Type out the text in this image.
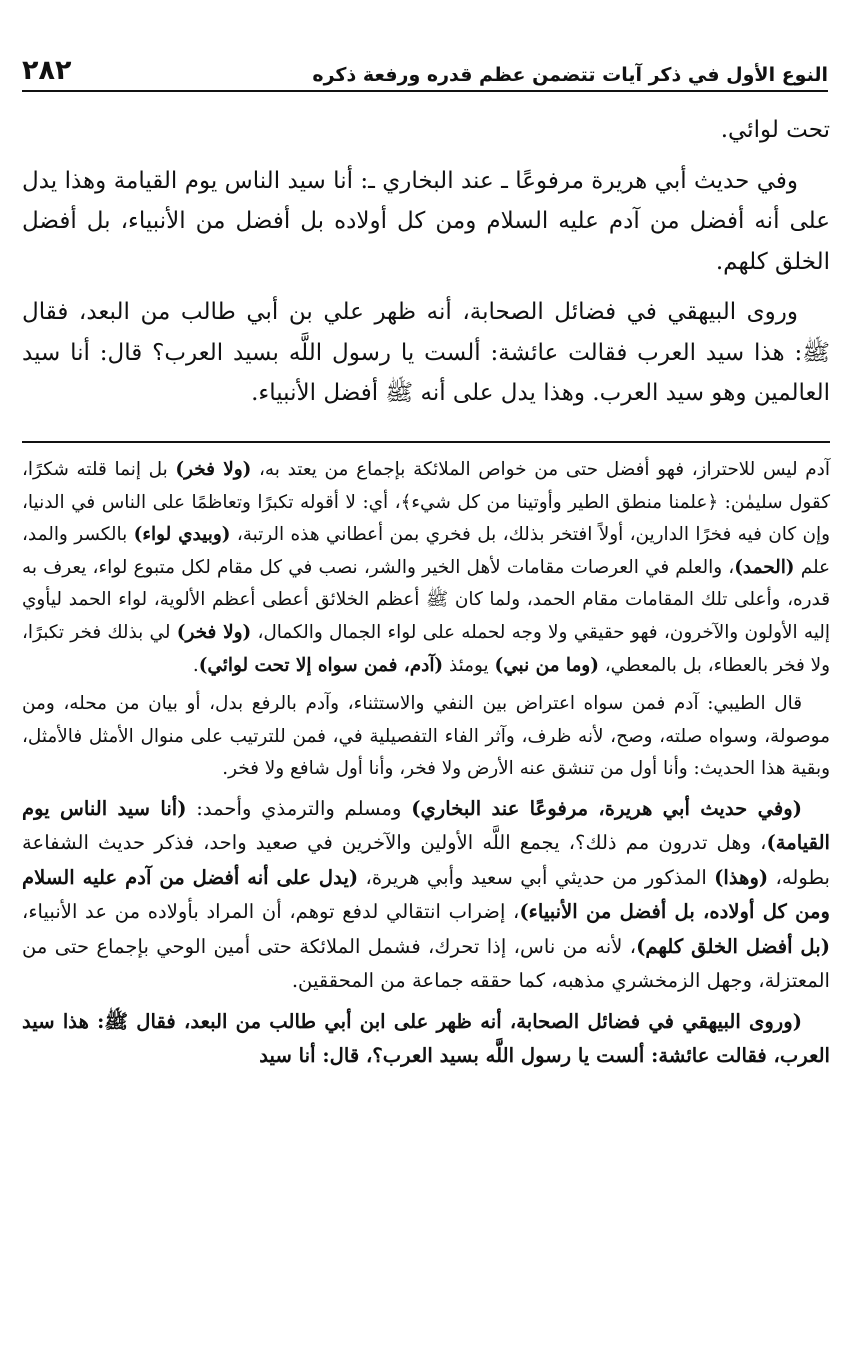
النوع الأول في ذكر آيات تتضمن عظم قدره ورفعة ذكره
٢٨٢

تحت لوائي.

وفي حديث أبي هريرة مرفوعًا ـ عند البخاري ـ: أنا سيد الناس يوم القيامة وهذا يدل على أنه أفضل من آدم عليه السلام ومن كل أولاده بل أفضل من الأنبياء، بل أفضل الخلق كلهم.

وروى البيهقي في فضائل الصحابة، أنه ظهر علي بن أبي طالب من البعد، فقال ﷺ: هذا سيد العرب فقالت عائشة: ألست يا رسول اللَّه بسيد العرب؟ قال: أنا سيد العالمين وهو سيد العرب. وهذا يدل على أنه ﷺ أفضل الأنبياء.

آدم ليس للاحتراز، فهو أفضل حتى من خواص الملائكة بإجماع من يعتد به، (ولا فخر) بل إنما قلته شكرًا، كقول سليمٰن: ﴿علمنا منطق الطير وأوتينا من كل شيء﴾، أي: لا أقوله تكبرًا وتعاظمًا على الناس في الدنيا، وإن كان فيه فخرًا الدارين، أولاً افتخر بذلك، بل فخري بمن أعطاني هذه الرتبة، (وبيدي لواء) بالكسر والمد، علم (الحمد)، والعلم في العرصات مقامات لأهل الخير والشر، نصب في كل مقام لكل متبوع لواء، يعرف به قدره، وأعلى تلك المقامات مقام الحمد، ولما كان ﷺ أعظم الخلائق أعطى أعظم الألوية، لواء الحمد ليأوي إليه الأولون والآخرون، فهو حقيقي ولا وجه لحمله على لواء الجمال والكمال، (ولا فخر) لي بذلك فخر تكبرًا، ولا فخر بالعطاء، بل بالمعطي، (وما من نبي) يومئذ (آدم، فمن سواه إلا تحت لوائي).

قال الطيبي: آدم فمن سواه اعتراض بين النفي والاستثناء، وآدم بالرفع بدل، أو بيان من محله، ومن موصولة، وسواه صلته، وصح، لأنه ظرف، وآثر الفاء التفصيلية في، فمن للترتيب على منوال الأمثل فالأمثل، وبقية هذا الحديث: وأنا أول من تنشق عنه الأرض ولا فخر، وأنا أول شافع ولا فخر.

(وفي حديث أبي هريرة، مرفوعًا عند البخاري) ومسلم والترمذي وأحمد: (أنا سيد الناس يوم القيامة)، وهل تدرون مم ذلك؟، يجمع اللَّه الأولين والآخرين في صعيد واحد، فذكر حديث الشفاعة بطوله، (وهذا) المذكور من حديثي أبي سعيد وأبي هريرة، (يدل على أنه أفضل من آدم عليه السلام ومن كل أولاده، بل أفضل من الأنبياء)، إضراب انتقالي لدفع توهم، أن المراد بأولاده من عد الأنبياء، (بل أفضل الخلق كلهم)، لأنه من ناس، إذا تحرك، فشمل الملائكة حتى أمين الوحي بإجماع حتى من المعتزلة، وجهل الزمخشري مذهبه، كما حققه جماعة من المحققين.

(وروى البيهقي في فضائل الصحابة، أنه ظهر على ابن أبي طالب من البعد، فقال ﷺ: هذا سيد العرب، فقالت عائشة: ألست يا رسول اللَّه بسيد العرب؟، قال: أنا سيد
